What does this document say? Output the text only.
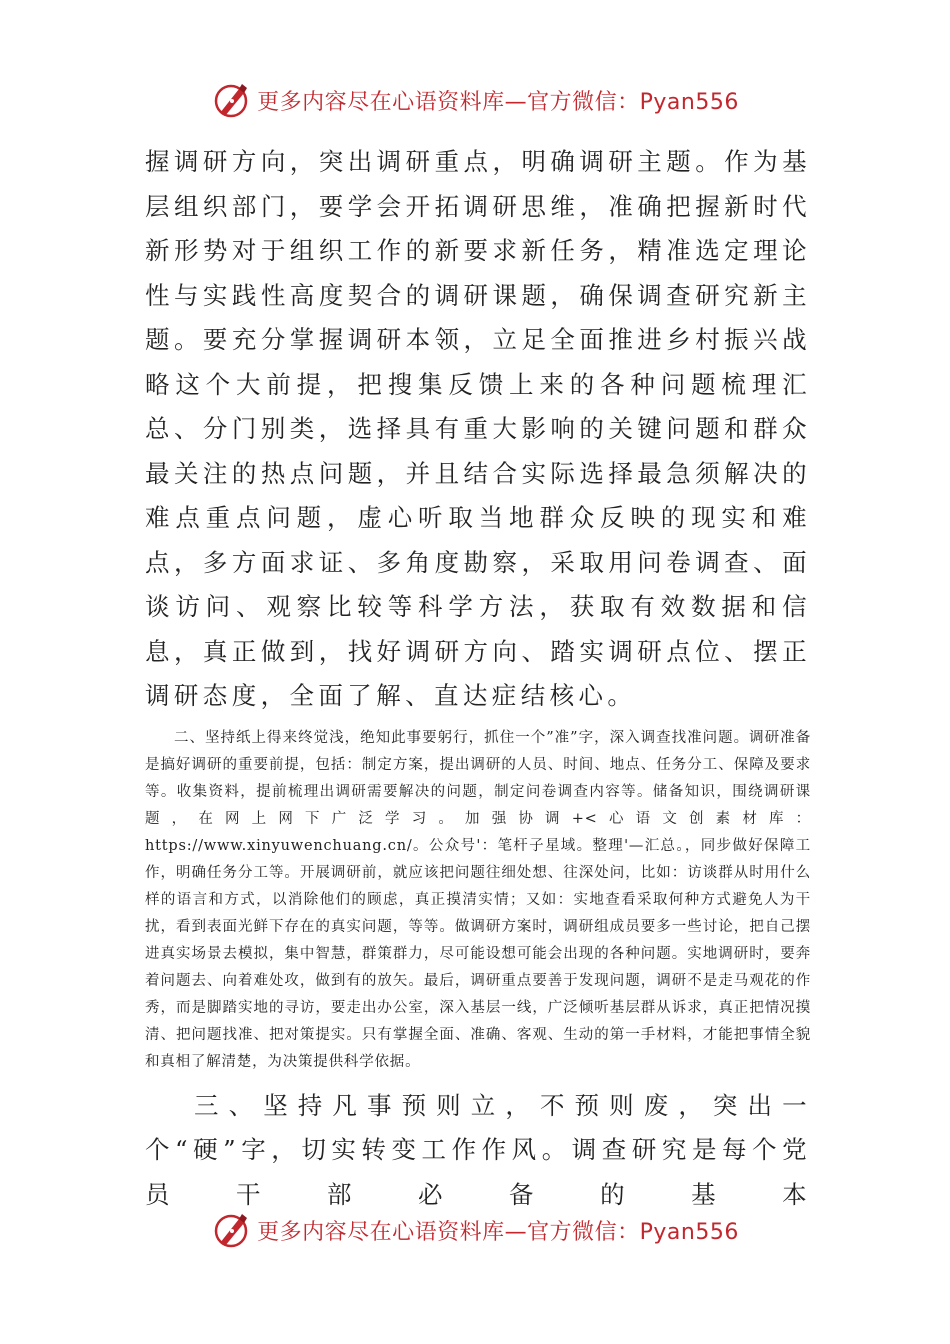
更多内容尽在心语资料库—官方微信：Pyan556

握调研方向，突出调研重点，明确调研主题。作为基层组织部门，要学会开拓调研思维，准确把握新时代新形势对于组织工作的新要求新任务，精准选定理论性与实践性高度契合的调研课题，确保调查研究新主题。要充分掌握调研本领，立足全面推进乡村振兴战略这个大前提，把搜集反馈上来的各种问题梳理汇总、分门别类，选择具有重大影响的关键问题和群众最关注的热点问题，并且结合实际选择最急须解决的难点重点问题，虚心听取当地群众反映的现实和难点，多方面求证、多角度勘察，采取用问卷调查、面谈访问、观察比较等科学方法，获取有效数据和信息，真正做到，找好调研方向、踏实调研点位、摆正调研态度，全面了解、直达症结核心。

二、坚持纸上得来终觉浅，绝知此事要躬行，抓住一个”准”字，深入调查找准问题。调研准备是搞好调研的重要前提，包括：制定方案，提出调研的人员、时间、地点、任务分工、保障及要求等。收集资料，提前梳理出调研需要解决的问题，制定问卷调查内容等。储备知识，围绕调研课题，在网上网下广泛学习。加强协调+<心语文创素材库：https://www.xinyuwenchuang.cn/。公众号'：笔杆子星域。整理'—汇总。，同步做好保障工作，明确任务分工等。开展调研前，就应该把问题往细处想、往深处问，比如：访谈群从时用什么样的语言和方式，以消除他们的顾虑，真正摸清实情；又如：实地查看采取何种方式避免人为干扰，看到表面光鲜下存在的真实问题，等等。做调研方案时，调研组成员要多一些讨论，把自己摆进真实场景去模拟，集中智慧，群策群力，尽可能设想可能会出现的各种问题。实地调研时，要奔着问题去、向着难处攻，做到有的放矢。最后，调研重点要善于发现问题，调研不是走马观花的作秀，而是脚踏实地的寻访，要走出办公室，深入基层一线，广泛倾听基层群从诉求，真正把情况摸清、把问题找准、把对策提实。只有掌握全面、准确、客观、生动的第一手材料，才能把事情全貌和真相了解清楚，为决策提供科学依据。

三、坚持凡事预则立，不预则废，突出一个“硬”字，切实转变工作作风。调查研究是每个党员干部必备的基本

更多内容尽在心语资料库—官方微信：Pyan556
